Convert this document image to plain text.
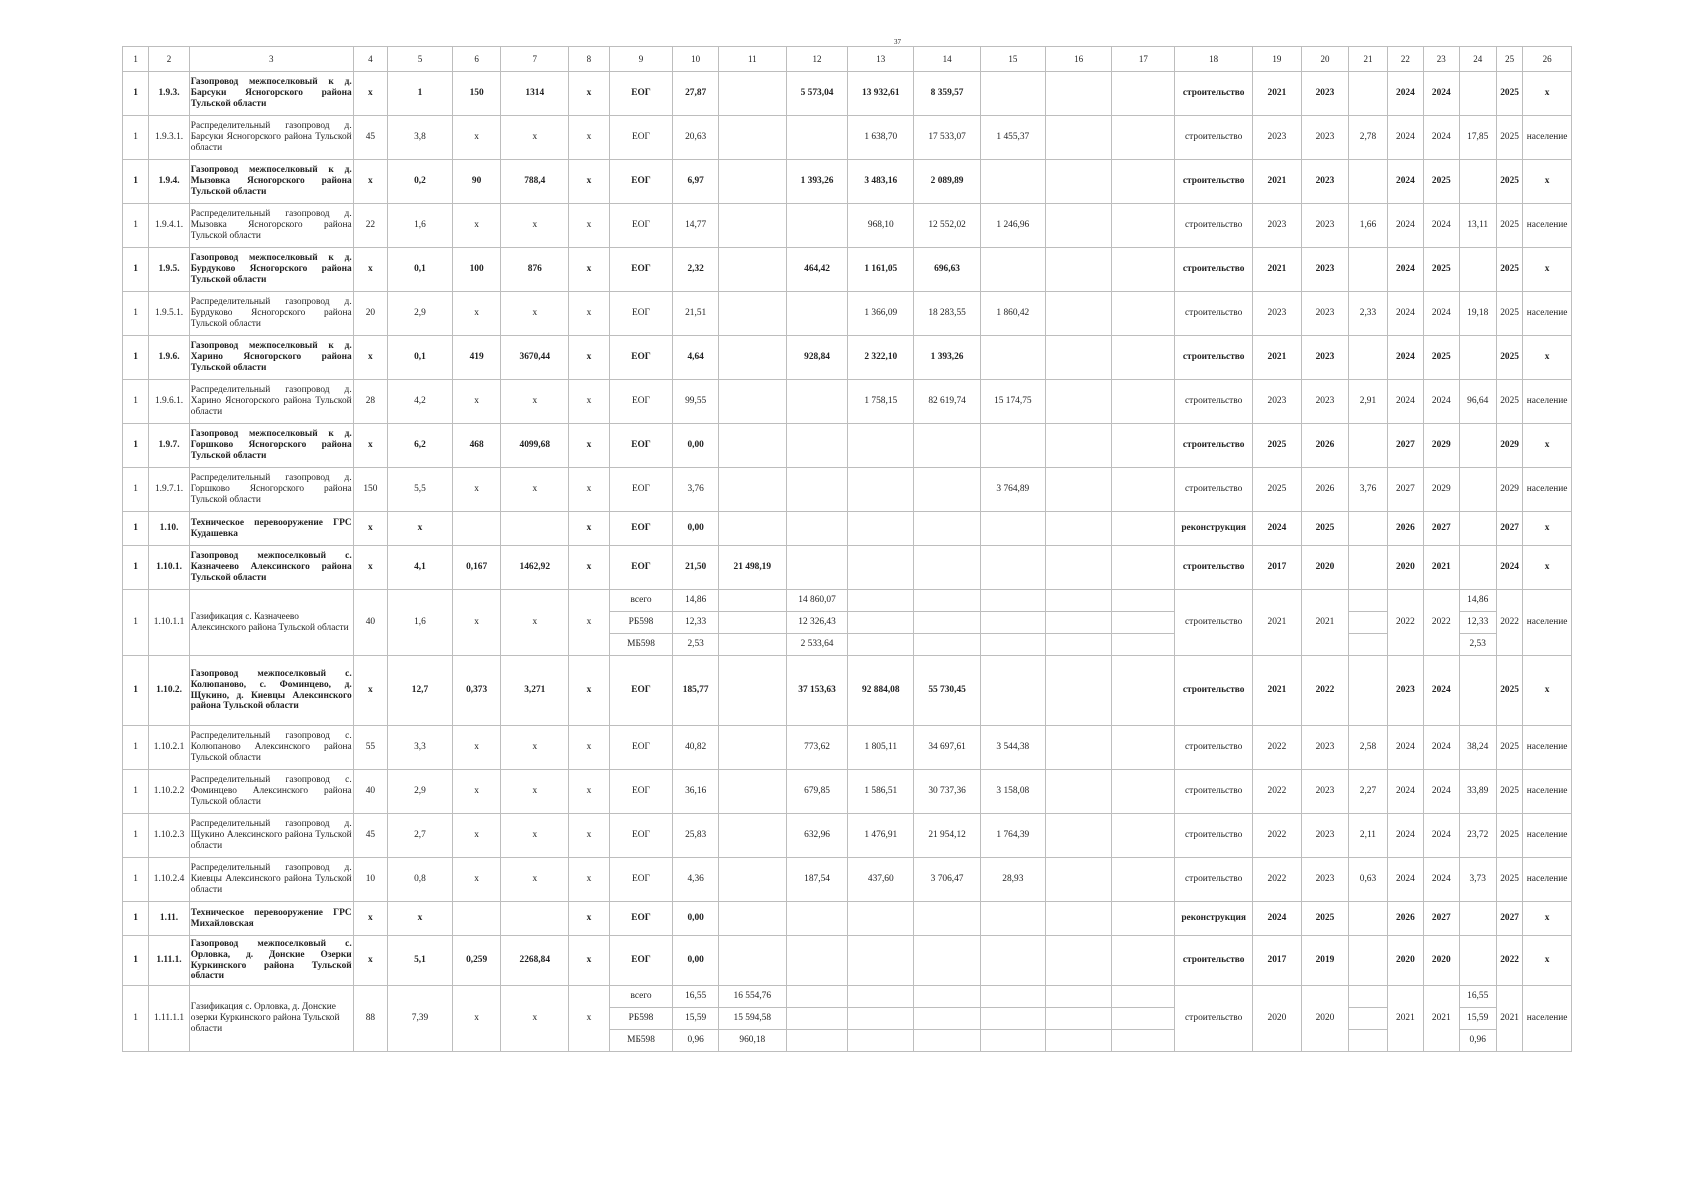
37
1	2	3	4	5	6	7	8	9	10	11	12	13	14	15	16	17	18	19	20	21	22	23	24	25	26
1	1.9.3.	Газопровод межпоселковый к д. Барсуки Ясногорского района Тульской области	x	1	150	1314	x	ЕОГ	27,87		5 573,04	13 932,61	8 359,57				строительство	2021	2023		2024	2024		2025	x
1	1.9.3.1.	Распределительный газопровод д. Барсуки Ясногорского района Тульской области	45	3,8	x	x	x	ЕОГ	20,63			1 638,70	17 533,07	1 455,37			строительство	2023	2023	2,78	2024	2024	17,85	2025	население
1	1.9.4.	Газопровод межпоселковый к д. Мызовка Ясногорского района Тульской области	x	0,2	90	788,4	x	ЕОГ	6,97		1 393,26	3 483,16	2 089,89				строительство	2021	2023		2024	2025		2025	x
1	1.9.4.1.	Распределительный газопровод д. Мызовка Ясногорского района Тульской области	22	1,6	x	x	x	ЕОГ	14,77			968,10	12 552,02	1 246,96			строительство	2023	2023	1,66	2024	2024	13,11	2025	население
1	1.9.5.	Газопровод межпоселковый к д. Бурдуково Ясногорского района Тульской области	x	0,1	100	876	x	ЕОГ	2,32		464,42	1 161,05	696,63				строительство	2021	2023		2024	2025		2025	x
1	1.9.5.1.	Распределительный газопровод д. Бурдуково Ясногорского района Тульской области	20	2,9	x	x	x	ЕОГ	21,51			1 366,09	18 283,55	1 860,42			строительство	2023	2023	2,33	2024	2024	19,18	2025	население
1	1.9.6.	Газопровод межпоселковый к д. Харино Ясногорского района Тульской области	x	0,1	419	3670,44	x	ЕОГ	4,64		928,84	2 322,10	1 393,26				строительство	2021	2023		2024	2025		2025	x
1	1.9.6.1.	Распределительный газопровод д. Харино Ясногорского района Тульской области	28	4,2	x	x	x	ЕОГ	99,55			1 758,15	82 619,74	15 174,75			строительство	2023	2023	2,91	2024	2024	96,64	2025	население
1	1.9.7.	Газопровод межпоселковый к д. Горшково Ясногорского района Тульской области	x	6,2	468	4099,68	x	ЕОГ	0,00								строительство	2025	2026		2027	2029		2029	x
1	1.9.7.1.	Распределительный газопровод д. Горшково Ясногорского района Тульской области	150	5,5	x	x	x	ЕОГ	3,76					3 764,89			строительство	2025	2026	3,76	2027	2029		2029	население
1	1.10.	Техническое перевооружение ГРС Кудашевка	x	x			x	ЕОГ	0,00								реконструкция	2024	2025		2026	2027		2027	x
1	1.10.1.	Газопровод межпоселковый с. Казначеево Алексинского района Тульской области	x	4,1	0,167	1462,92	x	ЕОГ	21,50	21 498,19							строительство	2017	2020		2020	2021		2024	x
1	1.10.1.1	Газификация с. Казначеево Алексинского района Тульской области	40	1,6	x	x	x	всего	14,86		14 860,07						строительство	2021	2021		2022	2022	14,86	2022	население
								РБ598	12,33		12 326,43												12,33		
								МБ598	2,53		2 533,64												2,53		
1	1.10.2.	Газопровод межпоселковый с. Колюпаново, с. Фоминцево, д. Щукино, д. Киевцы Алексинского района Тульской области	x	12,7	0,373	3,271	x	ЕОГ	185,77		37 153,63	92 884,08	55 730,45				строительство	2021	2022		2023	2024		2025	x
1	1.10.2.1	Распределительный газопровод с. Колюпаново Алексинского района Тульской области	55	3,3	x	x	x	ЕОГ	40,82		773,62	1 805,11	34 697,61	3 544,38			строительство	2022	2023	2,58	2024	2024	38,24	2025	население
1	1.10.2.2	Распределительный газопровод с. Фоминцево Алексинского района Тульской области	40	2,9	x	x	x	ЕОГ	36,16		679,85	1 586,51	30 737,36	3 158,08			строительство	2022	2023	2,27	2024	2024	33,89	2025	население
1	1.10.2.3	Распределительный газопровод д. Щукино Алексинского района Тульской области	45	2,7	x	x	x	ЕОГ	25,83		632,96	1 476,91	21 954,12	1 764,39			строительство	2022	2023	2,11	2024	2024	23,72	2025	население
1	1.10.2.4	Распределительный газопровод д. Киевцы Алексинского района Тульской области	10	0,8	x	x	x	ЕОГ	4,36		187,54	437,60	3 706,47	28,93			строительство	2022	2023	0,63	2024	2024	3,73	2025	население
1	1.11.	Техническое перевооружение ГРС Михайловская	x	x			x	ЕОГ	0,00								реконструкция	2024	2025		2026	2027		2027	x
1	1.11.1.	Газопровод межпоселковый с. Орловка, д. Донские Озерки Куркинского района Тульской области	x	5,1	0,259	2268,84	x	ЕОГ	0,00								строительство	2017	2019		2020	2020		2022	x
1	1.11.1.1	Газификация с. Орловка, д. Донские озерки Куркинского района Тульской области	88	7,39	x	x	x	всего	16,55	16 554,76							строительство	2020	2020		2021	2021	16,55	2021	население
								РБ598	15,59	15 594,58													15,59		
								МБ598	0,96	960,18													0,96		
